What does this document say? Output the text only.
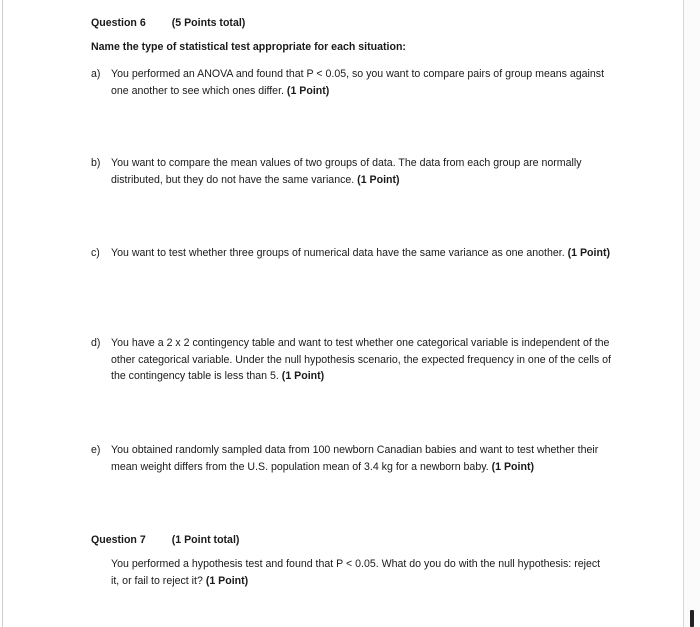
Question 6 (5 Points total)
Name the type of statistical test appropriate for each situation:
a) You performed an ANOVA and found that P < 0.05, so you want to compare pairs of group means against one another to see which ones differ. (1 Point)
b) You want to compare the mean values of two groups of data. The data from each group are normally distributed, but they do not have the same variance. (1 Point)
c)	You want to test whether three groups of numerical data have the same variance as one another. (1 Point)
d) You have a 2 x 2 contingency table and want to test whether one categorical variable is independent of the other categorical variable. Under the null hypothesis scenario, the expected frequency in one of the cells of the contingency table is less than 5. (1 Point)
e) You obtained randomly sampled data from 100 newborn Canadian babies and want to test whether their mean weight differs from the U.S. population mean of 3.4 kg for a newborn baby. (1 Point)
Question 7 (1 Point total)
You performed a hypothesis test and found that P < 0.05. What do you do with the null hypothesis: reject it, or fail to reject it? (1 Point)
